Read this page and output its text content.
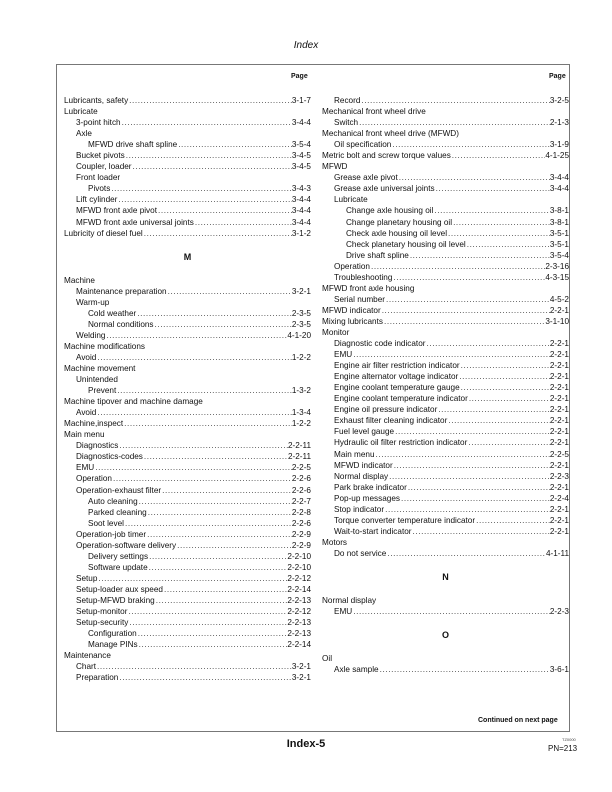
Index
Page	Page
Lubricants, safety .....	3-1-7
Lubricate
3-point hitch .....	3-4-4
Axle
MFWD drive shaft spline .....	3-5-4
Bucket pivots .....	3-4-5
Coupler, loader .....	3-4-5
Front loader
Pivots .....	3-4-3
Lift cylinder .....	3-4-4
MFWD front axle pivot .....	3-4-4
MFWD front axle universal joints .....	3-4-4
Lubricity of diesel fuel .....	3-1-2
M
Machine
Maintenance preparation .....	3-2-1
Warm-up
Cold weather .....	2-3-5
Normal conditions .....	2-3-5
Welding .....	4-1-20
Machine modifications
Avoid .....	1-2-2
Machine movement
Unintended
Prevent .....	1-3-2
Machine tipover and machine damage
Avoid .....	1-3-4
Machine,inspect .....	1-2-2
Main menu
Diagnostics .....	2-2-11
Diagnostics-codes .....	2-2-11
EMU .....	2-2-5
Operation .....	2-2-6
Operation-exhaust filter .....	2-2-6
Auto cleaning .....	2-2-7
Parked cleaning .....	2-2-8
Soot level .....	2-2-6
Operation-job timer .....	2-2-9
Operation-software delivery .....	2-2-9
Delivery settings .....	2-2-10
Software update .....	2-2-10
Setup .....	2-2-12
Setup-loader aux speed .....	2-2-14
Setup-MFWD braking .....	2-2-13
Setup-monitor .....	2-2-12
Setup-security .....	2-2-13
Configuration .....	2-2-13
Manage PINs .....	2-2-14
Maintenance
Chart .....	3-2-1
Preparation .....	3-2-1
Record .....	3-2-5
Mechanical front wheel drive
Switch .....	2-1-3
Mechanical front wheel drive (MFWD)
Oil specification .....	3-1-9
Metric bolt and screw torque values .....	4-1-25
MFWD
Grease axle pivot .....	3-4-4
Grease axle universal joints .....	3-4-4
Lubricate
Change axle housing oil .....	3-8-1
Change planetary housing oil .....	3-8-1
Check axle housing oil level .....	3-5-1
Check planetary housing oil level .....	3-5-1
Drive shaft spline .....	3-5-4
Operation .....	2-3-16
Troubleshooting .....	4-3-15
MFWD front axle housing
Serial number .....	4-5-2
MFWD indicator .....	2-2-1
Mixing lubricants .....	3-1-10
Monitor
Diagnostic code indicator .....	2-2-1
EMU .....	2-2-1
Engine air filter restriction indicator .....	2-2-1
Engine alternator voltage indicator .....	2-2-1
Engine coolant temperature gauge .....	2-2-1
Engine coolant temperature indicator .....	2-2-1
Engine oil pressure indicator .....	2-2-1
Exhaust filter cleaning indicator .....	2-2-1
Fuel level gauge .....	2-2-1
Hydraulic oil filter restriction indicator .....	2-2-1
Main menu .....	2-2-5
MFWD indicator .....	2-2-1
Normal display .....	2-2-3
Park brake indicator .....	2-2-1
Pop-up messages .....	2-2-4
Stop indicator .....	2-2-1
Torque converter temperature indicator .....	2-2-1
Wait-to-start indicator .....	2-2-1
Motors
Do not service .....	4-1-11
N
Normal display
EMU .....	2-2-3
O
Oil
Axle sample .....	3-6-1
Continued on next page
Index-5	TZ0000
PN=213
